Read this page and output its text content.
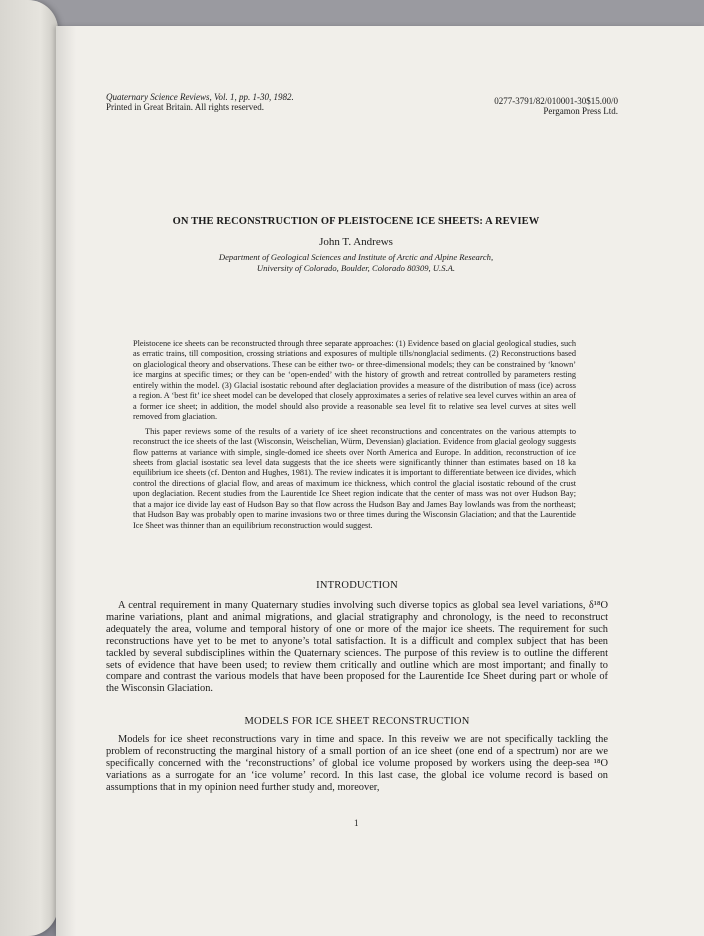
Quaternary Science Reviews, Vol. 1, pp. 1-30, 1982.
Printed in Great Britain. All rights reserved.
0277-3791/82/010001-30$15.00/0
Pergamon Press Ltd.
ON THE RECONSTRUCTION OF PLEISTOCENE ICE SHEETS: A REVIEW
John T. Andrews
Department of Geological Sciences and Institute of Arctic and Alpine Research,
University of Colorado, Boulder, Colorado 80309, U.S.A.

Pleistocene ice sheets can be reconstructed through three separate approaches: (1) Evidence based on glacial geological studies, such as erratic trains, till composition, crossing striations and exposures of multiple tills/nonglacial sediments. (2) Reconstructions based on glaciological theory and observations. These can be either two- or three-dimensional models; they can be constrained by ‘known’ ice margins at specific times; or they can be ‘open-ended’ with the history of growth and retreat controlled by parameters resting entirely within the model. (3) Glacial isostatic rebound after deglaciation provides a measure of the distribution of mass (ice) across a region. A ‘best fit’ ice sheet model can be developed that closely approximates a series of relative sea level curves within an area of a former ice sheet; in addition, the model should also provide a reasonable sea level fit to relative sea level curves at sites well removed from glaciation.

This paper reviews some of the results of a variety of ice sheet reconstructions and concentrates on the various attempts to reconstruct the ice sheets of the last (Wisconsin, Weischelian, Würm, Devensian) glaciation. Evidence from glacial geology suggests flow patterns at variance with simple, single-domed ice sheets over North America and Europe. In addition, reconstruction of ice sheets from glacial isostatic sea level data suggests that the ice sheets were significantly thinner than estimates based on 18 ka equilibrium ice sheets (cf. Denton and Hughes, 1981). The review indicates it is important to differentiate between ice divides, which control the directions of glacial flow, and areas of maximum ice thickness, which control the glacial isostatic rebound of the crust upon deglaciation. Recent studies from the Laurentide Ice Sheet region indicate that the center of mass was not over Hudson Bay; that a major ice divide lay east of Hudson Bay so that flow across the Hudson Bay and James Bay lowlands was from the northeast; that Hudson Bay was probably open to marine invasions two or three times during the Wisconsin Glaciation; and that the Laurentide Ice Sheet was thinner than an equilibrium reconstruction would suggest.

INTRODUCTION

A central requirement in many Quaternary studies involving such diverse topics as global sea level variations, δ¹⁸O marine variations, plant and animal migrations, and glacial stratigraphy and chronology, is the need to reconstruct adequately the area, volume and temporal history of one or more of the major ice sheets. The requirement for such reconstructions have yet to be met to anyone’s total satisfaction. It is a difficult and complex subject that has been tackled by several subdisciplines within the Quaternary sciences. The purpose of this review is to outline the different sets of evidence that have been used; to review them critically and outline which are most important; and finally to compare and contrast the various models that have been proposed for the Laurentide Ice Sheet during part or whole of the Wisconsin Glaciation.

MODELS FOR ICE SHEET RECONSTRUCTION

Models for ice sheet reconstructions vary in time and space. In this reveiw we are not specifically tackling the problem of reconstructing the marginal history of a small portion of an ice sheet (one end of a spectrum) nor are we specifically concerned with the ‘reconstructions’ of global ice volume proposed by workers using the deep-sea ¹⁸O variations as a surrogate for an ‘ice volume’ record. In this last case, the global ice volume record is based on assumptions that in my opinion need further study and, moreover,

1
